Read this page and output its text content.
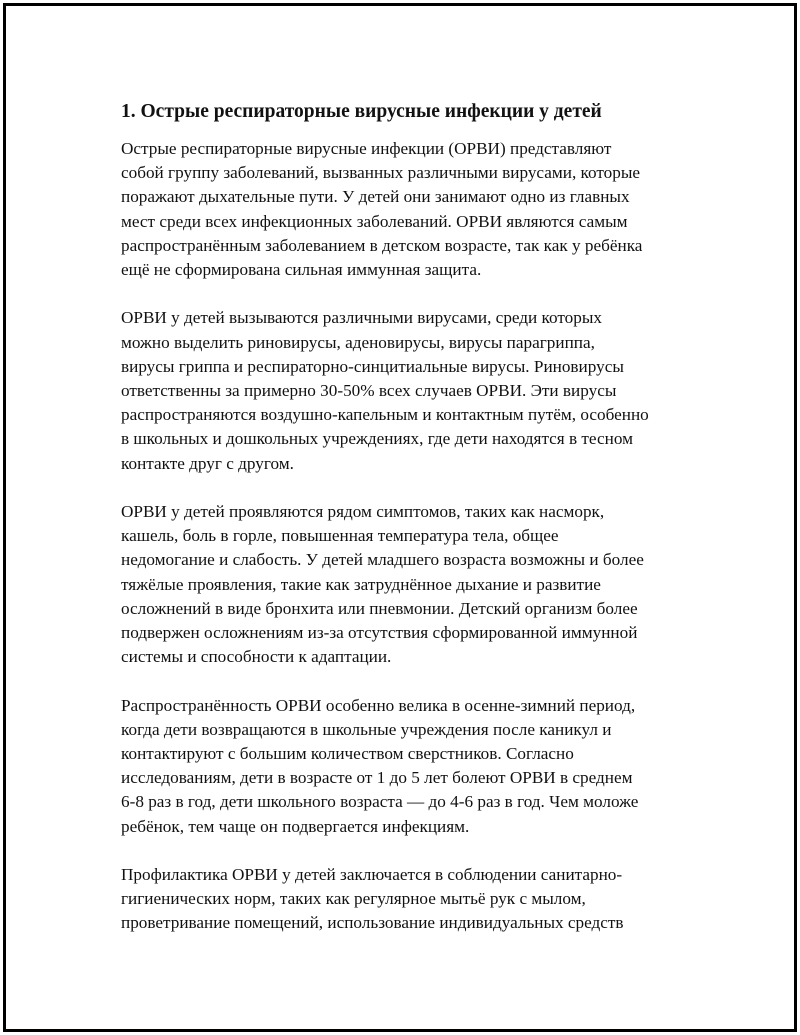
1. Острые респираторные вирусные инфекции у детей

Острые респираторные вирусные инфекции (ОРВИ) представляют
собой группу заболеваний, вызванных различными вирусами, которые
поражают дыхательные пути. У детей они занимают одно из главных
мест среди всех инфекционных заболеваний. ОРВИ являются самым
распространённым заболеванием в детском возрасте, так как у ребёнка
ещё не сформирована сильная иммунная защита.

ОРВИ у детей вызываются различными вирусами, среди которых
можно выделить риновирусы, аденовирусы, вирусы парагриппа,
вирусы гриппа и респираторно-синцитиальные вирусы. Риновирусы
ответственны за примерно 30-50% всех случаев ОРВИ. Эти вирусы
распространяются воздушно-капельным и контактным путём, особенно
в школьных и дошкольных учреждениях, где дети находятся в тесном
контакте друг с другом.

ОРВИ у детей проявляются рядом симптомов, таких как насморк,
кашель, боль в горле, повышенная температура тела, общее
недомогание и слабость. У детей младшего возраста возможны и более
тяжёлые проявления, такие как затруднённое дыхание и развитие
осложнений в виде бронхита или пневмонии. Детский организм более
подвержен осложнениям из-за отсутствия сформированной иммунной
системы и способности к адаптации.

Распространённость ОРВИ особенно велика в осенне-зимний период,
когда дети возвращаются в школьные учреждения после каникул и
контактируют с большим количеством сверстников. Согласно
исследованиям, дети в возрасте от 1 до 5 лет болеют ОРВИ в среднем
6-8 раз в год, дети школьного возраста — до 4-6 раз в год. Чем моложе
ребёнок, тем чаще он подвергается инфекциям.

Профилактика ОРВИ у детей заключается в соблюдении санитарно-
гигиенических норм, таких как регулярное мытьё рук с мылом,
проветривание помещений, использование индивидуальных средств
